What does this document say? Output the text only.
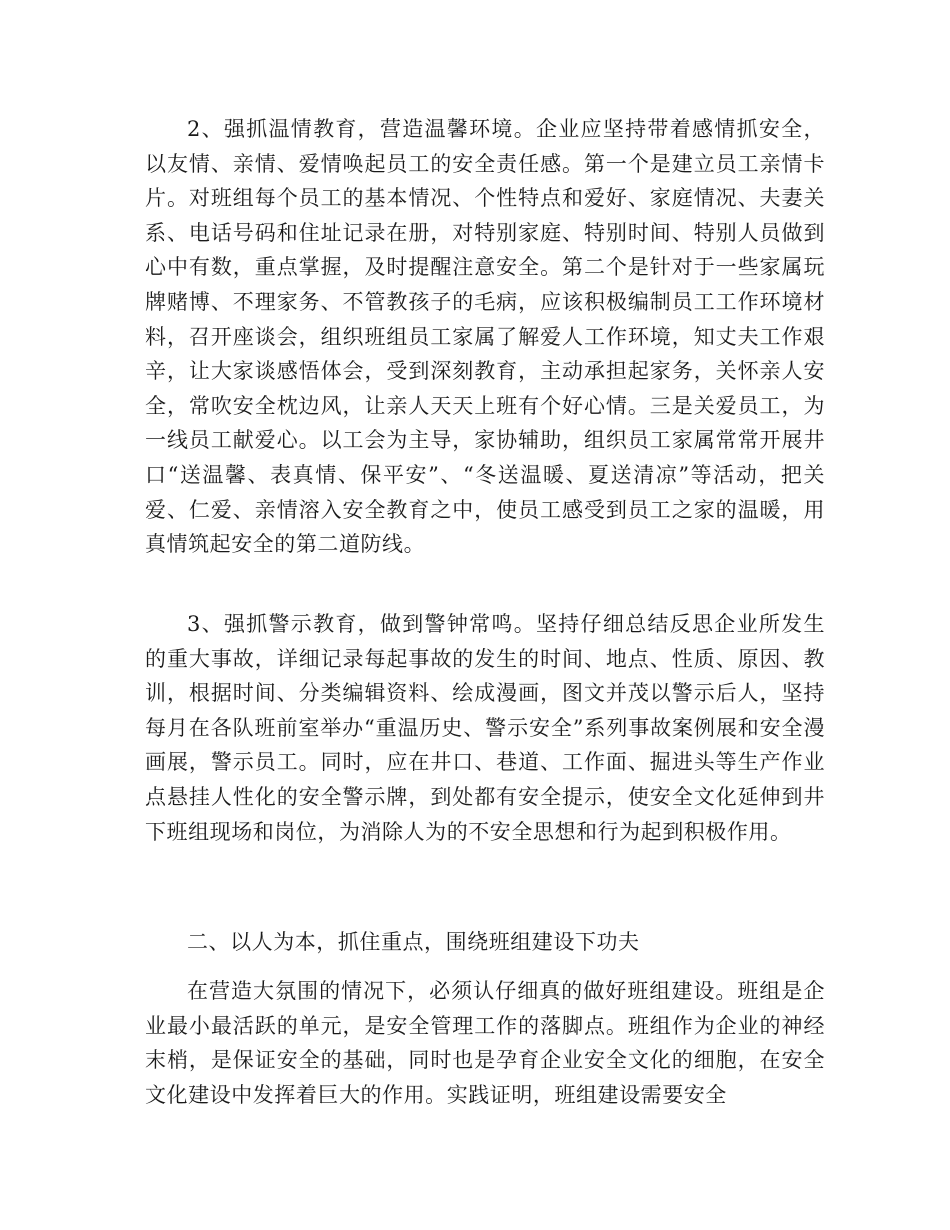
2、强抓温情教育，营造温馨环境。企业应坚持带着感情抓安全，以友情、亲情、爱情唤起员工的安全责任感。第一个是建立员工亲情卡片。对班组每个员工的基本情况、个性特点和爱好、家庭情况、夫妻关系、电话号码和住址记录在册，对特别家庭、特别时间、特别人员做到心中有数，重点掌握，及时提醒注意安全。第二个是针对于一些家属玩牌赌博、不理家务、不管教孩子的毛病，应该积极编制员工工作环境材料，召开座谈会，组织班组员工家属了解爱人工作环境，知丈夫工作艰辛，让大家谈感悟体会，受到深刻教育，主动承担起家务，关怀亲人安全，常吹安全枕边风，让亲人天天上班有个好心情。三是关爱员工，为一线员工献爱心。以工会为主导，家协辅助，组织员工家属常常开展井口“送温馨、表真情、保平安”、“冬送温暖、夏送清凉”等活动，把关爱、仁爱、亲情溶入安全教育之中，使员工感受到员工之家的温暖，用真情筑起安全的第二道防线。

3、强抓警示教育，做到警钟常鸣。坚持仔细总结反思企业所发生的重大事故，详细记录每起事故的发生的时间、地点、性质、原因、教训，根据时间、分类编辑资料、绘成漫画，图文并茂以警示后人，坚持每月在各队班前室举办“重温历史、警示安全”系列事故案例展和安全漫画展，警示员工。同时，应在井口、巷道、工作面、掘进头等生产作业点悬挂人性化的安全警示牌，到处都有安全提示，使安全文化延伸到井下班组现场和岗位，为消除人为的不安全思想和行为起到积极作用。

二、以人为本，抓住重点，围绕班组建设下功夫

在营造大氛围的情况下，必须认仔细真的做好班组建设。班组是企业最小最活跃的单元，是安全管理工作的落脚点。班组作为企业的神经末梢，是保证安全的基础，同时也是孕育企业安全文化的细胞，在安全文化建设中发挥着巨大的作用。实践证明，班组建设需要安全
